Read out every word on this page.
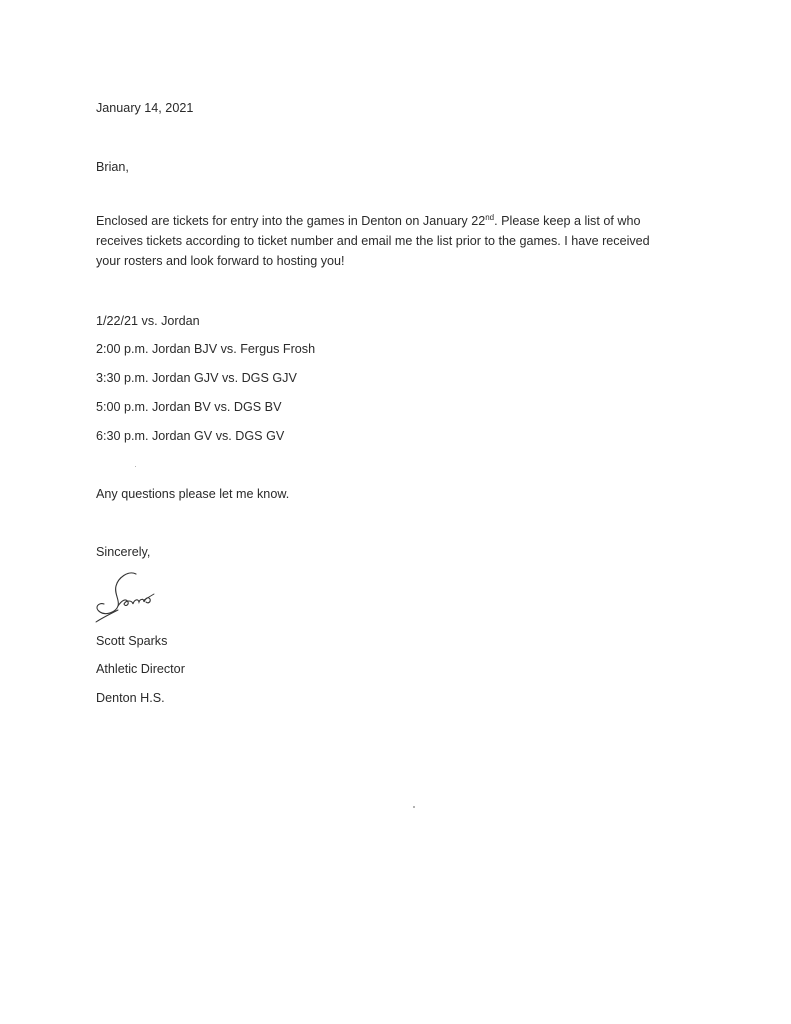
January 14, 2021
Brian,
Enclosed are tickets for entry into the games in Denton on January 22nd. Please keep a list of who
receives tickets according to ticket number and email me the list prior to the games. I have received
your rosters and look forward to hosting you!
1/22/21 vs. Jordan
2:00 p.m. Jordan BJV vs. Fergus Frosh
3:30 p.m. Jordan GJV vs. DGS GJV
5:00 p.m. Jordan BV vs. DGS BV
6:30 p.m. Jordan GV vs. DGS GV
Any questions please let me know.
Sincerely,
Scott Sparks
Athletic Director
Denton H.S.
